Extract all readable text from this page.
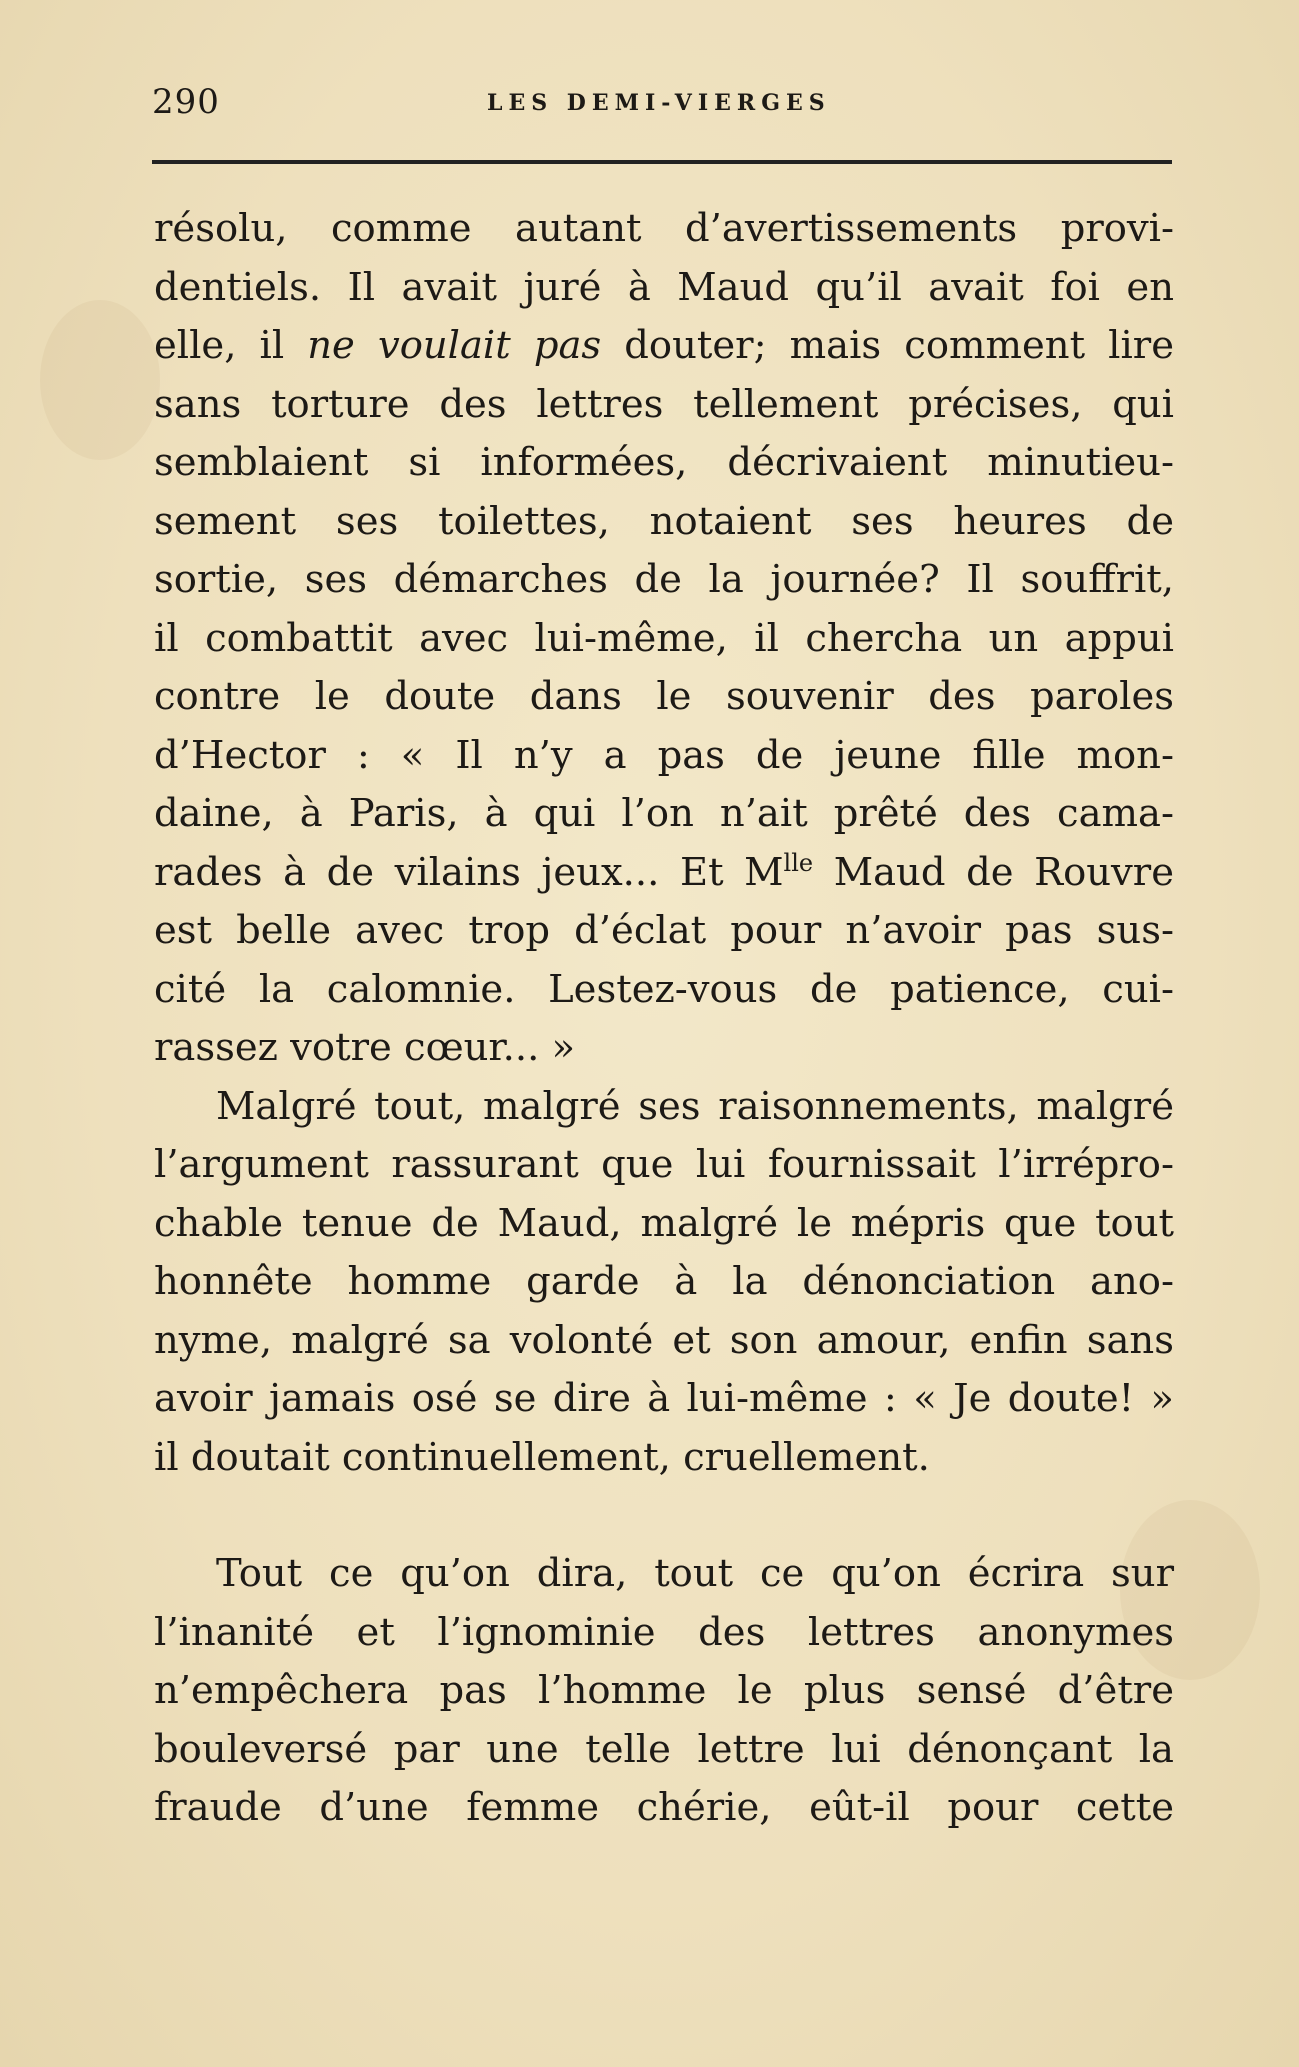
290	LES DEMI-VIERGES
résolu, comme autant d’avertissements provi-
dentiels. Il avait juré à Maud qu’il avait foi en
elle, il ne voulait pas douter; mais comment lire
sans torture des lettres tellement précises, qui
semblaient si informées, décrivaient minutieu-
sement ses toilettes, notaient ses heures de
sortie, ses démarches de la journée? Il souffrit,
il combattit avec lui-même, il chercha un appui
contre le doute dans le souvenir des paroles
d’Hector : « Il n’y a pas de jeune fille mon-
daine, à Paris, à qui l’on n’ait prêté des cama-
rades à de vilains jeux... Et $M^{lle}$ Maud de Rouvre
est belle avec trop d’éclat pour n’avoir pas sus-
cité la calomnie. Lestez-vous de patience, cui-
rassez votre cœur... »
Malgré tout, malgré ses raisonnements, malgré
l’argument rassurant que lui fournissait l’irrépro-
chable tenue de Maud, malgré le mépris que tout
honnête homme garde à la dénonciation ano-
nyme, malgré sa volonté et son amour, enfin sans
avoir jamais osé se dire à lui-même : « Je doute! »
il doutait continuellement, cruellement.
Tout ce qu’on dira, tout ce qu’on écrira sur
l’inanité et l’ignominie des lettres anonymes
n’empêchera pas l’homme le plus sensé d’être
bouleversé par une telle lettre lui dénonçant la
fraude d’une femme chérie, eût-il pour cette
